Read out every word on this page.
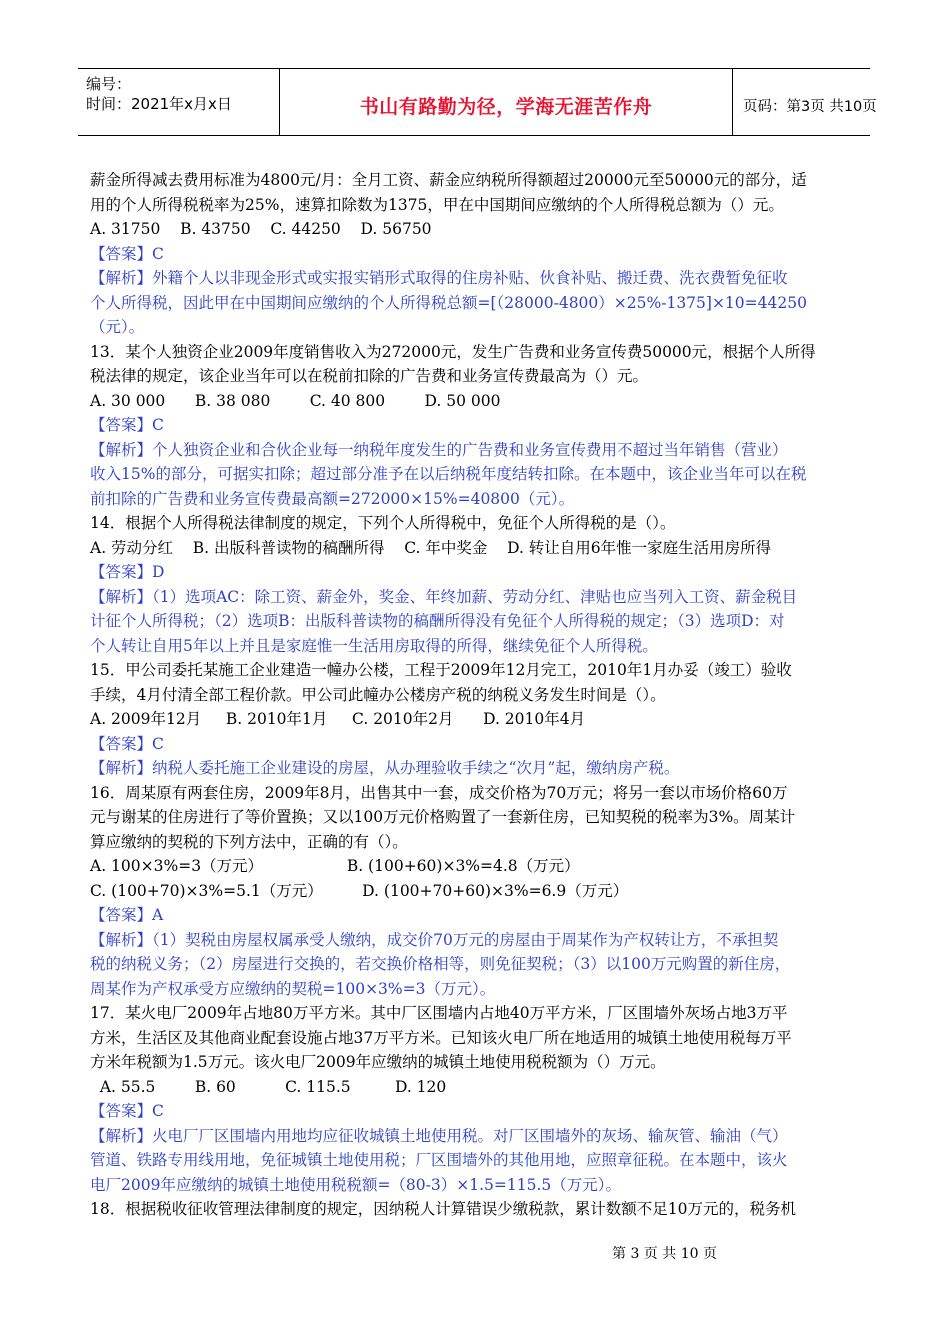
编号：
时间：2021年x月x日	书山有路勤为径，学海无涯苦作舟	页码：第3页 共10页
薪金所得减去费用标准为4800元/月：全月工资、薪金应纳税所得额超过20000元至50000元的部分，适
用的个人所得税税率为25%，速算扣除数为1375，甲在中国期间应缴纳的个人所得税总额为（）元。
A. 31750    B. 43750    C. 44250    D. 56750
【答案】C
【解析】外籍个人以非现金形式或实报实销形式取得的住房补贴、伙食补贴、搬迁费、洗衣费暂免征收
个人所得税，因此甲在中国期间应缴纳的个人所得税总额=[（28000-4800）×25%-1375]×10=44250
（元）。
13．某个人独资企业2009年度销售收入为272000元，发生广告费和业务宣传费50000元，根据个人所得
税法律的规定，该企业当年可以在税前扣除的广告费和业务宣传费最高为（）元。
A. 30 000      B. 38 080        C. 40 800        D. 50 000
【答案】C
【解析】个人独资企业和合伙企业每一纳税年度发生的广告费和业务宣传费用不超过当年销售（营业）
收入15%的部分，可据实扣除；超过部分准予在以后纳税年度结转扣除。在本题中，该企业当年可以在税
前扣除的广告费和业务宣传费最高额=272000×15%=40800（元）。
14．根据个人所得税法律制度的规定，下列个人所得税中，免征个人所得税的是（）。
A. 劳动分红    B. 出版科普读物的稿酬所得    C. 年中奖金    D. 转让自用6年惟一家庭生活用房所得
【答案】D
【解析】（1）选项AC：除工资、薪金外，奖金、年终加薪、劳动分红、津贴也应当列入工资、薪金税目
计征个人所得税；（2）选项B：出版科普读物的稿酬所得没有免征个人所得税的规定；（3）选项D：对
个人转让自用5年以上并且是家庭惟一生活用房取得的所得，继续免征个人所得税。
15．甲公司委托某施工企业建造一幢办公楼，工程于2009年12月完工，2010年1月办妥（竣工）验收
手续，4月付清全部工程价款。甲公司此幢办公楼房产税的纳税义务发生时间是（）。
A. 2009年12月     B. 2010年1月     C. 2010年2月      D. 2010年4月
【答案】C
【解析】纳税人委托施工企业建设的房屋，从办理验收手续之“次月”起，缴纳房产税。
16．周某原有两套住房，2009年8月，出售其中一套，成交价格为70万元；将另一套以市场价格60万
元与谢某的住房进行了等价置换；又以100万元价格购置了一套新住房，已知契税的税率为3%。周某计
算应缴纳的契税的下列方法中，正确的有（）。
A. 100×3%=3（万元）                 B. (100+60)×3%=4.8（万元）
C. (100+70)×3%=5.1（万元）        D. (100+70+60)×3%=6.9（万元）
【答案】A
【解析】（1）契税由房屋权属承受人缴纳，成交价70万元的房屋由于周某作为产权转让方，不承担契
税的纳税义务；（2）房屋进行交换的，若交换价格相等，则免征契税；（3）以100万元购置的新住房，
周某作为产权承受方应缴纳的契税=100×3%=3（万元）。
17．某火电厂2009年占地80万平方米。其中厂区围墙内占地40万平方米，厂区围墙外灰场占地3万平
方米，生活区及其他商业配套设施占地37万平方米。已知该火电厂所在地适用的城镇土地使用税每万平
方米年税额为1.5万元。该火电厂2009年应缴纳的城镇土地使用税税额为（）万元。
A. 55.5        B. 60          C. 115.5         D. 120
【答案】C
【解析】火电厂厂区围墙内用地均应征收城镇土地使用税。对厂区围墙外的灰场、输灰管、输油（气）
管道、铁路专用线用地，免征城镇土地使用税；厂区围墙外的其他用地，应照章征税。在本题中，该火
电厂2009年应缴纳的城镇土地使用税税额=（80-3）×1.5=115.5（万元）。
18．根据税收征收管理法律制度的规定，因纳税人计算错误少缴税款，累计数额不足10万元的，税务机
第 3 页 共 10 页
